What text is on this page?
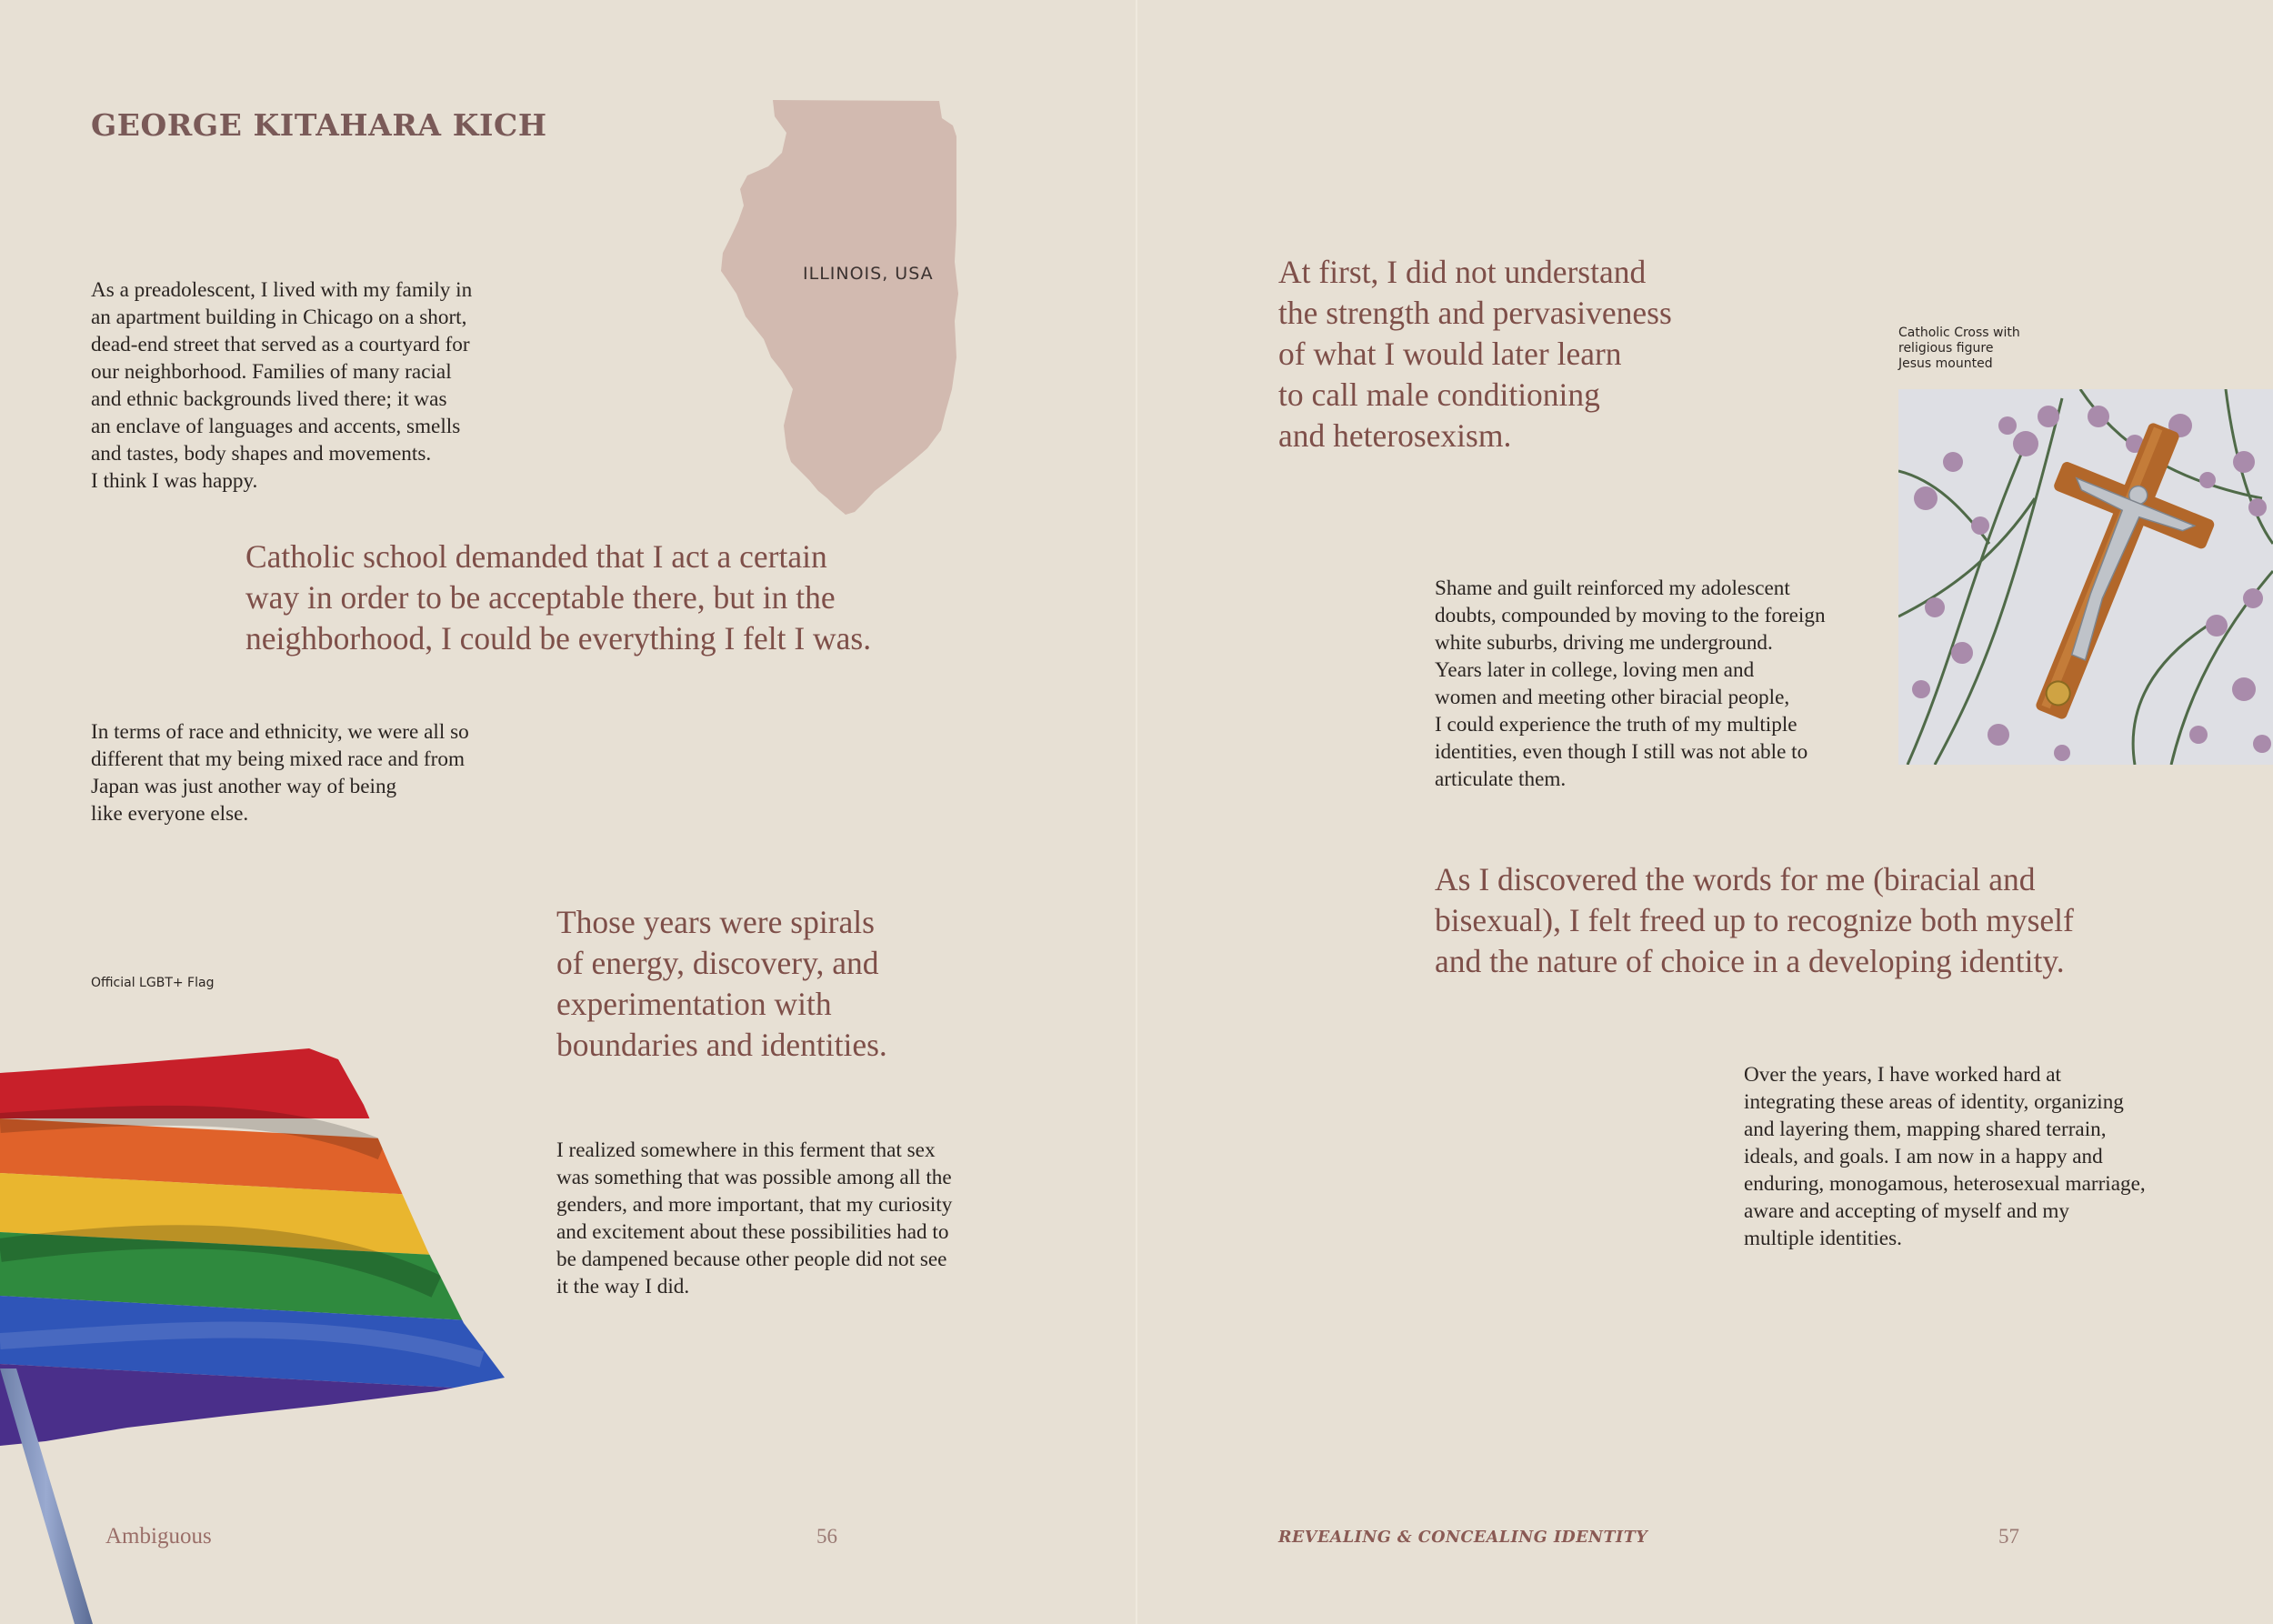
GEORGE KITAHARA KICH
ILLINOIS, USA

As a preadolescent, I lived with my family in
an apartment building in Chicago on a short,
dead-end street that served as a courtyard for
our neighborhood. Families of many racial
and ethnic backgrounds lived there; it was
an enclave of languages and accents, smells
and tastes, body shapes and movements.
I think I was happy.

Catholic school demanded that I act a certain
way in order to be acceptable there, but in the
neighborhood, I could be everything I felt I was.

In terms of race and ethnicity, we were all so
different that my being mixed race and from
Japan was just another way of being
like everyone else.

Official LGBT+ Flag

Those years were spirals
of energy, discovery, and
experimentation with
boundaries and identities.

I realized somewhere in this ferment that sex
was something that was possible among all the
genders, and more important, that my curiosity
and excitement about these possibilities had to
be dampened because other people did not see
it the way I did.

Ambiguous	56

At first, I did not understand
the strength and pervasiveness
of what I would later learn
to call male conditioning
and heterosexism.

Catholic Cross with
religious figure
Jesus mounted

Shame and guilt reinforced my adolescent
doubts, compounded by moving to the foreign
white suburbs, driving me underground.
Years later in college, loving men and
women and meeting other biracial people,
I could experience the truth of my multiple
identities, even though I still was not able to
articulate them.

As I discovered the words for me (biracial and
bisexual), I felt freed up to recognize both myself
and the nature of choice in a developing identity.

Over the years, I have worked hard at
integrating these areas of identity, organizing
and layering them, mapping shared terrain,
ideals, and goals. I am now in a happy and
enduring, monogamous, heterosexual marriage,
aware and accepting of myself and my
multiple identities.

REVEALING & CONCEALING IDENTITY	57
